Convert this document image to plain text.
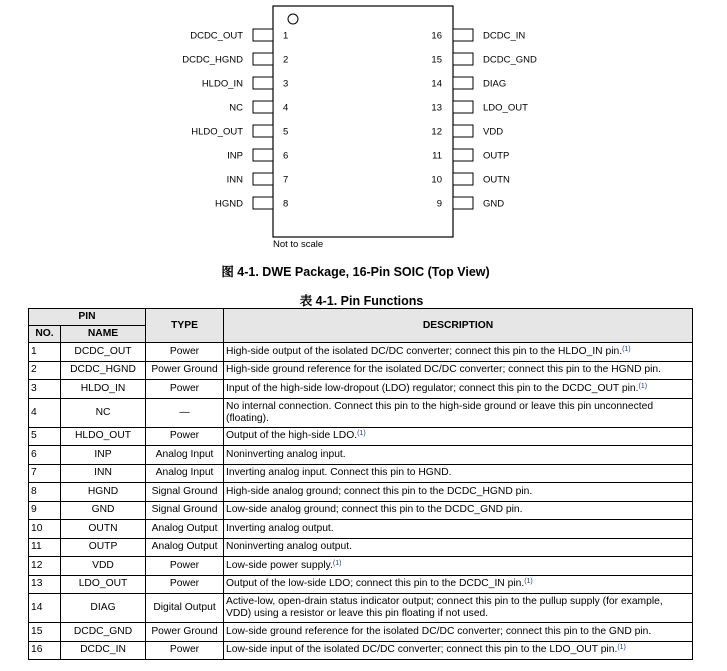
1
DCDC_OUT
2
DCDC_HGND
3
HLDO_IN
4
NC
5
HLDO_OUT
6
INP
7
INN
8
HGND
16	DCDC_IN
15	DCDC_GND
14	DIAG
13	LDO_OUT
12	VDD
11	OUTP
10	OUTN
9	GND
Not to scale
图 4-1. DWE Package, 16-Pin SOIC (Top View)
表 4-1. Pin Functions
PIN		TYPE	DESCRIPTION
NO.	NAME		
1	DCDC_OUT	Power	High-side output of the isolated DC/DC converter; connect this pin to the HLDO_IN pin.$^{(1)}$
2	DCDC_HGND	Power Ground	High-side ground reference for the isolated DC/DC converter; connect this pin to the HGND pin.
3	HLDO_IN	Power	Input of the high-side low-dropout (LDO) regulator; connect this pin to the DCDC_OUT pin.$^{(1)}$
4	NC	—	No internal connection. Connect this pin to the high-side ground or leave this pin unconnected (floating).
5	HLDO_OUT	Power	Output of the high-side LDO.$^{(1)}$
6	INP	Analog Input	Noninverting analog input.
7	INN	Analog Input	Inverting analog input. Connect this pin to HGND.
8	HGND	Signal Ground	High-side analog ground; connect this pin to the DCDC_HGND pin.
9	GND	Signal Ground	Low-side analog ground; connect this pin to the DCDC_GND pin.
10	OUTN	Analog Output	Inverting analog output.
11	OUTP	Analog Output	Noninverting analog output.
12	VDD	Power	Low-side power supply.$^{(1)}$
13	LDO_OUT	Power	Output of the low-side LDO; connect this pin to the DCDC_IN pin.$^{(1)}$
14	DIAG	Digital Output	Active-low, open-drain status indicator output; connect this pin to the pullup supply (for example, VDD) using a resistor or leave this pin floating if not used.
15	DCDC_GND	Power Ground	Low-side ground reference for the isolated DC/DC converter; connect this pin to the GND pin.
16	DCDC_IN	Power	Low-side input of the isolated DC/DC converter; connect this pin to the LDO_OUT pin.$^{(1)}$
